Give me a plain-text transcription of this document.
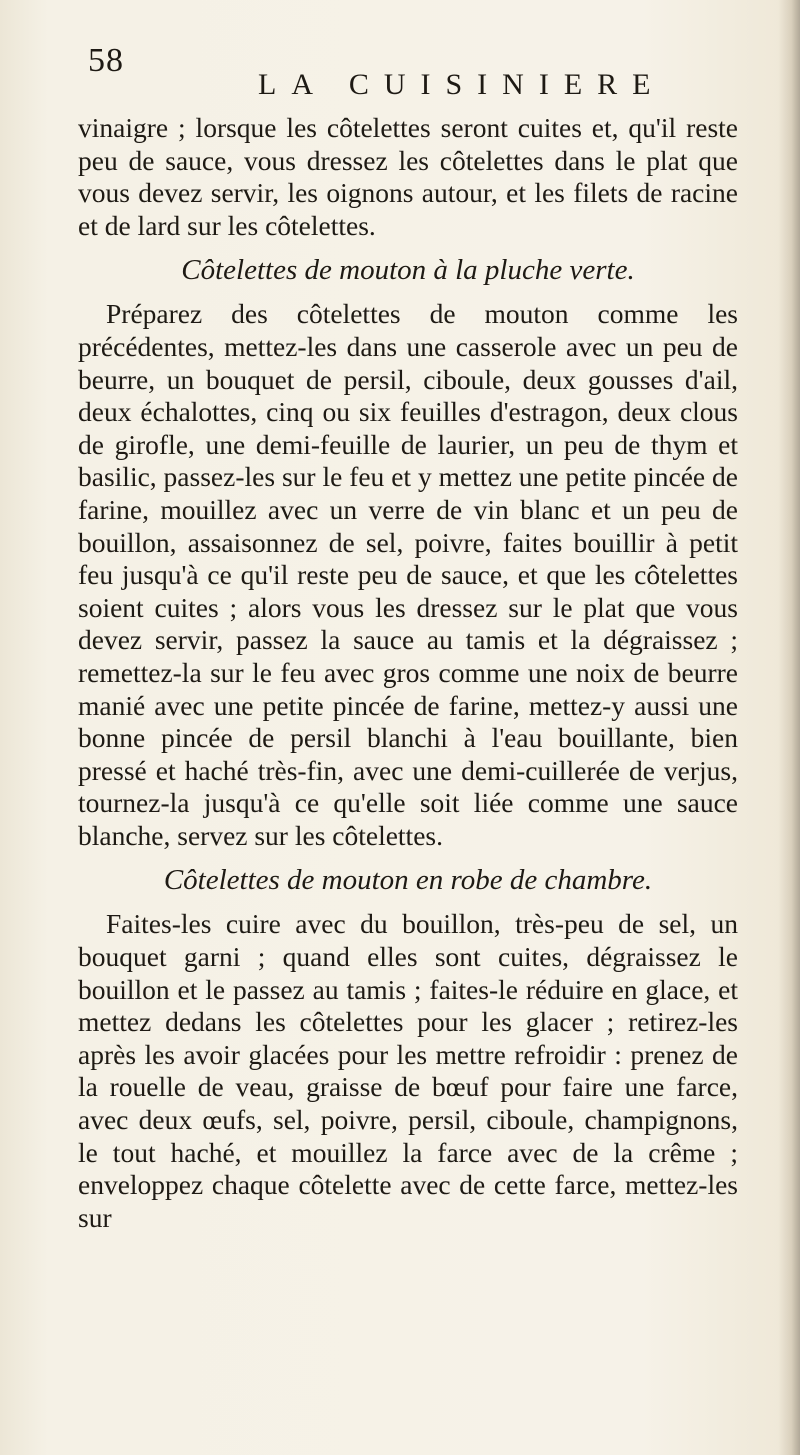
58
LA CUISINIERE

vinaigre ; lorsque les côtelettes seront cuites et, qu'il reste peu de sauce, vous dressez les côtelettes dans le plat que vous devez servir, les oignons autour, et les filets de racine et de lard sur les côtelettes.

Côtelettes de mouton à la pluche verte.

Préparez des côtelettes de mouton comme les précédentes, mettez-les dans une casserole avec un peu de beurre, un bouquet de persil, ciboule, deux gousses d'ail, deux échalottes, cinq ou six feuilles d'estragon, deux clous de girofle, une demi-feuille de laurier, un peu de thym et basilic, passez-les sur le feu et y mettez une petite pincée de farine, mouillez avec un verre de vin blanc et un peu de bouillon, assaisonnez de sel, poivre, faites bouillir à petit feu jusqu'à ce qu'il reste peu de sauce, et que les côtelettes soient cuites ; alors vous les dressez sur le plat que vous devez servir, passez la sauce au tamis et la dégraissez ; remettez-la sur le feu avec gros comme une noix de beurre manié avec une petite pincée de farine, mettez-y aussi une bonne pincée de persil blanchi à l'eau bouillante, bien pressé et haché très-fin, avec une demi-cuillerée de verjus, tournez-la jusqu'à ce qu'elle soit liée comme une sauce blanche, servez sur les côtelettes.

Côtelettes de mouton en robe de chambre.

Faites-les cuire avec du bouillon, très-peu de sel, un bouquet garni ; quand elles sont cuites, dégraissez le bouillon et le passez au tamis ; faites-le réduire en glace, et mettez dedans les côtelettes pour les glacer ; retirez-les après les avoir glacées pour les mettre refroidir : prenez de la rouelle de veau, graisse de bœuf pour faire une farce, avec deux œufs, sel, poivre, persil, ciboule, champignons, le tout haché, et mouillez la farce avec de la crême ; enveloppez chaque côtelette avec de cette farce, mettez-les sur
